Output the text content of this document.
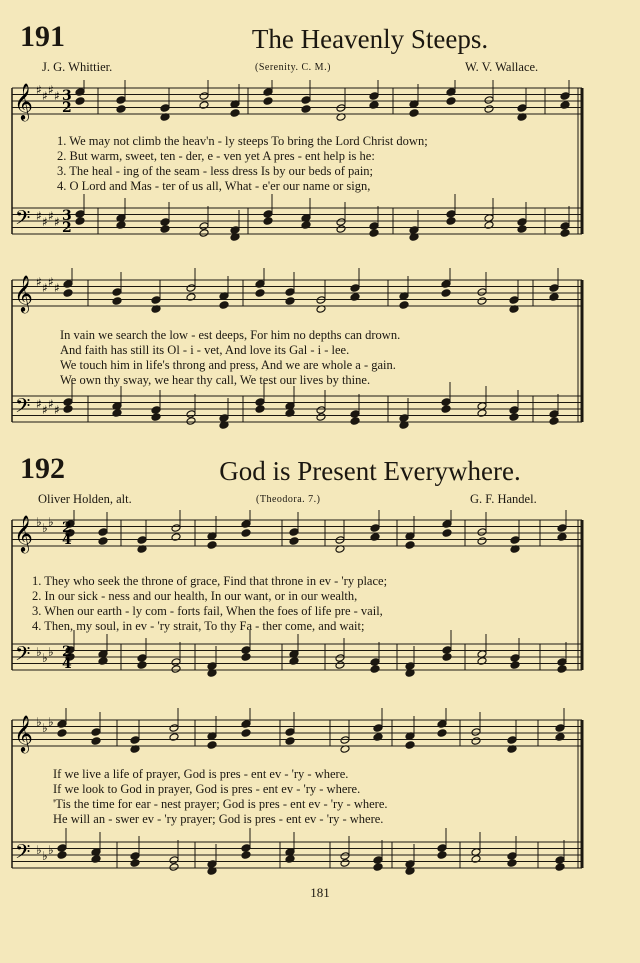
191	The Heavenly Steeps.
J. G. Whittier.	(Serenity. C. M.)	W. V. Wallace.
𝄞
𝄢
♯
♯
♯
♯
♯
♯
♯
♯
3
3
2
2
1. We may not climb the heav'n - ly steeps To bring the Lord Christ down;
2. But warm, sweet, ten - der, e - ven yet A pres - ent help is he:
3. The heal - ing of the seam - less dress Is by our beds of pain;
4. O Lord and Mas - ter of us all, What - e'er our name or sign,
𝄞
𝄢
♯
♯
♯
♯
♯
♯
♯
♯
In vain we search the low - est deeps, For him no depths can drown.
And faith has still its Ol - i - vet, And love its Gal - i - lee.
We touch him in life's throng and press, And we are whole a - gain.
We own thy sway, we hear thy call, We test our lives by thine.
192	God is Present Everywhere.
Oliver Holden, alt.	(Theodora. 7.)	G. F. Handel.
𝄞
𝄢
♭
♭
♭
♭
♭
♭
2
2
4
4
1. They who seek the throne of grace, Find that throne in ev - 'ry place;
2. In our sick - ness and our health, In our want, or in our wealth,
3. When our earth - ly com - forts fail, When the foes of life pre - vail,
4. Then, my soul, in ev - 'ry strait, To thy Fa - ther come, and wait;
𝄞
𝄢
♭
♭
♭
♭
♭
♭
If we live a life of prayer, God is pres - ent ev - 'ry - where.
If we look to God in prayer, God is pres - ent ev - 'ry - where.
'Tis the time for ear - nest prayer; God is pres - ent ev - 'ry - where.
He will an - swer ev - 'ry prayer; God is pres - ent ev - 'ry - where.
181
